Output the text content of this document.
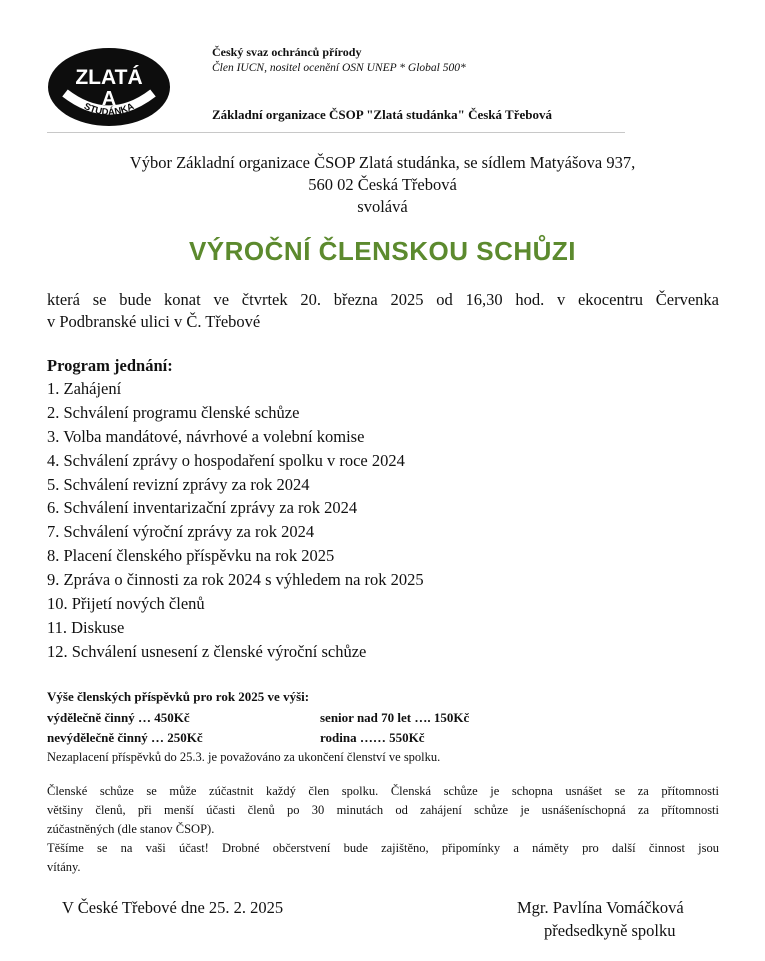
ZLATÁ
A
STUDÁNKA
Český svaz ochránců přírody
Člen IUCN, nositel ocenění OSN UNEP * Global 500*
Základní organizace ČSOP "Zlatá studánka" Česká Třebová
Výbor Základní organizace ČSOP Zlatá studánka, se sídlem Matyášova 937,
560 02 Česká Třebová
svolává
VÝROČNÍ ČLENSKOU SCHŮZI
která se bude konat ve čtvrtek 20. března 2025 od 16,30 hod. v ekocentru Červenka
v Podbranské ulici v Č. Třebové
Program jednání:
1. Zahájení
2. Schválení programu členské schůze
3. Volba mandátové, návrhové a volební komise
4. Schválení zprávy o hospodaření spolku v roce 2024
5. Schválení revizní zprávy za rok 2024
6. Schválení inventarizační zprávy za rok 2024
7. Schválení výroční zprávy za rok 2024
8. Placení členského příspěvku na rok 2025
9. Zpráva o činnosti za rok 2024 s výhledem na rok 2025
10. Přijetí nových členů
11. Diskuse
12. Schválení usnesení z členské výroční schůze
Výše členských příspěvků pro rok 2025 ve výši:
výdělečně činný … 450Kč	senior nad 70 let …. 150Kč
nevýdělečně činný … 250Kč	rodina …… 550Kč
Nezaplacení příspěvků do 25.3. je považováno za ukončení členství ve spolku.
Členské schůze se může zúčastnit každý člen spolku. Členská schůze je schopna usnášet se za přítomnosti
většiny členů, při menší účasti členů po 30 minutách od zahájení schůze je usnášeníschopná za přítomnosti
zúčastněných (dle stanov ČSOP).
Těšíme se na vaši účast! Drobné občerstvení bude zajištěno, připomínky a náměty pro další činnost jsou
vítány.
V České Třebové dne 25. 2. 2025	Mgr. Pavlína Vomáčková
předsedkyně spolku
